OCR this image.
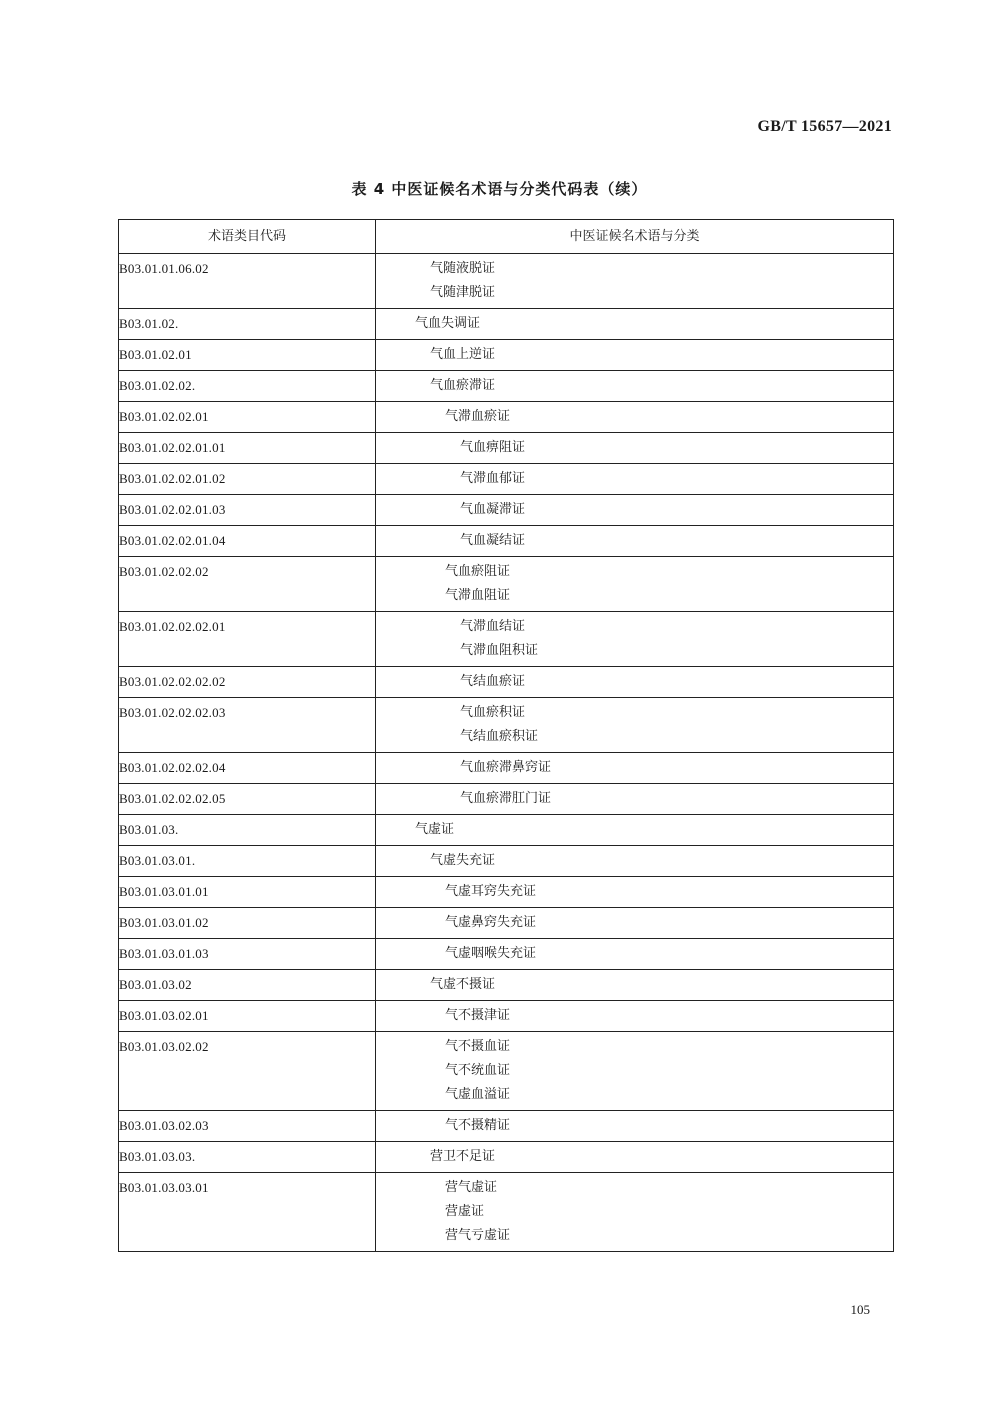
GB/T 15657—2021
表 4 中医证候名术语与分类代码表（续）
术语类目代码	中医证候名术语与分类
B03.01.01.06.02	气随液脱证
气随津脱证

B03.01.02.	气血失调证

B03.01.02.01	气血上逆证

B03.01.02.02.	气血瘀滞证

B03.01.02.02.01	气滞血瘀证

B03.01.02.02.01.01	气血痹阻证

B03.01.02.02.01.02	气滞血郁证

B03.01.02.02.01.03	气血凝滞证

B03.01.02.02.01.04	气血凝结证

B03.01.02.02.02	气血瘀阻证
气滞血阻证

B03.01.02.02.02.01	气滞血结证
气滞血阻积证

B03.01.02.02.02.02	气结血瘀证

B03.01.02.02.02.03	气血瘀积证
气结血瘀积证

B03.01.02.02.02.04	气血瘀滞鼻窍证

B03.01.02.02.02.05	气血瘀滞肛门证

B03.01.03.	气虚证

B03.01.03.01.	气虚失充证

B03.01.03.01.01	气虚耳窍失充证

B03.01.03.01.02	气虚鼻窍失充证

B03.01.03.01.03	气虚咽喉失充证

B03.01.03.02	气虚不摄证

B03.01.03.02.01	气不摄津证

B03.01.03.02.02	气不摄血证
气不统血证
气虚血溢证

B03.01.03.02.03	气不摄精证

B03.01.03.03.	营卫不足证

B03.01.03.03.01	营气虚证
营虚证
营气亏虚证
105
